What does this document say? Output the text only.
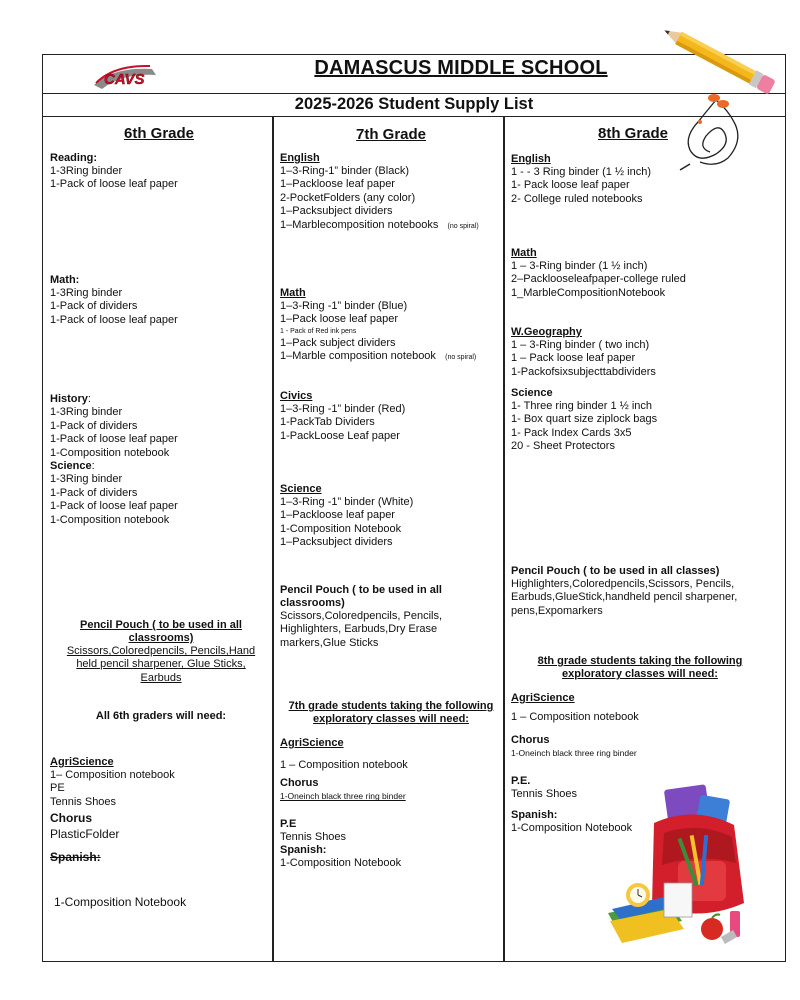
CAVS
DAMASCUS MIDDLE SCHOOL
2025-2026 Student Supply List
6th Grade	7th Grade	8th Grade

Reading:

1-3Ring binder

1-Pack of loose leaf paper

Math:

1-3Ring binder

1-Pack of dividers

1-Pack of loose leaf paper

History:

1-3Ring binder

1-Pack of dividers

1-Pack of loose leaf paper

1-Composition notebook

Science:

1-3Ring binder

1-Pack of dividers

1-Pack of loose leaf paper

1-Composition notebook

Pencil Pouch ( to be used in all classrooms)

Scissors,Coloredpencils, Pencils,Hand held pencil sharpener, Glue Sticks, Earbuds

All 6th graders will need:

AgriScience

1– Composition notebook

PE

Tennis Shoes

Chorus

PlasticFolder

Spanish:

1-Composition Notebook

English

1–3-Ring-1” binder (Black)

1–Packloose leaf paper

2-PocketFolders (any color)

1–Packsubject dividers

1–Marblecomposition notebooks (no spiral)

Math

1–3-Ring -1” binder (Blue)

1–Pack loose leaf paper

1 - Pack of Red ink pens

1–Pack subject dividers

1–Marble composition notebook (no spiral)

Civics

1–3-Ring -1” binder (Red)

1-PackTab Dividers

1-PackLoose Leaf paper

Science

1–3-Ring -1” binder (White)

1–Packloose leaf paper

1-Composition Notebook

1–Packsubject dividers

Pencil Pouch ( to be used in all classrooms)

Scissors,Coloredpencils, Pencils, Highlighters, Earbuds,Dry Erase markers,Glue Sticks

7th grade students taking the following exploratory classes will need:

AgriScience

1 – Composition notebook

Chorus

1-Oneinch black three ring binder

P.E

Tennis Shoes

Spanish:

1-Composition Notebook

English

1 - - 3 Ring binder (1 ½ inch)

1- Pack loose leaf paper

2- College ruled notebooks

Math

1 – 3-Ring binder (1 ½ inch)

2–Packlooseleafpaper-college ruled

1_MarbleCompositionNotebook

W.Geography

1 – 3-Ring binder ( two inch)

1 – Pack loose leaf paper

1-Packofsixsubjecttabdividers

Science

1- Three ring binder 1 ½ inch

1- Box quart size ziplock bags

1- Pack Index Cards 3x5

20 - Sheet Protectors

Pencil Pouch ( to be used in all classes)

Highlighters,Coloredpencils,Scissors, Pencils, Earbuds,GlueStick,handheld pencil sharpener, pens,Expomarkers

8th grade students taking the following exploratory classes will need:

AgriScience

1 – Composition notebook

Chorus

1-Oneinch black three ring binder

P.E.

Tennis Shoes

Spanish:

1-Composition Notebook
